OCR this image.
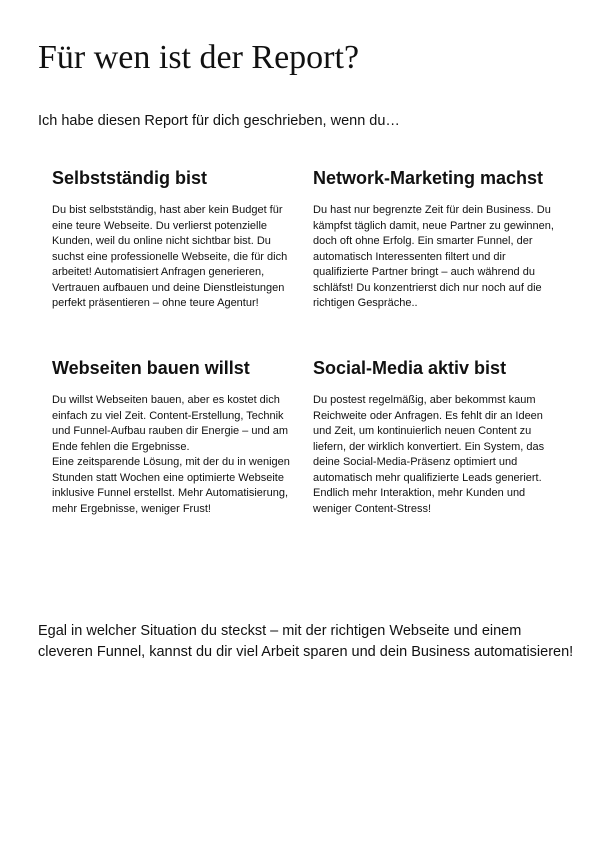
Für wen ist der Report?

Ich habe diesen Report für dich geschrieben, wenn du…

Selbstständig bist

Du bist selbstständig, hast aber kein Budget für eine teure Webseite. Du verlierst potenzielle Kunden, weil du online nicht sichtbar bist. Du suchst eine professionelle Webseite, die für dich arbeitet! Automatisiert Anfragen generieren, Vertrauen aufbauen und deine Dienstleistungen perfekt präsentieren – ohne teure Agentur!

Network-Marketing machst

Du hast nur begrenzte Zeit für dein Business. Du kämpfst täglich damit, neue Partner zu gewinnen, doch oft ohne Erfolg. Ein smarter Funnel, der automatisch Interessenten filtert und dir qualifizierte Partner bringt – auch während du schläfst! Du konzentrierst dich nur noch auf die richtigen Gespräche..

Webseiten bauen willst

Du willst Webseiten bauen, aber es kostet dich einfach zu viel Zeit. Content-Erstellung, Technik und Funnel-Aufbau rauben dir Energie – und am Ende fehlen die Ergebnisse.
Eine zeitsparende Lösung, mit der du in wenigen Stunden statt Wochen eine optimierte Webseite inklusive Funnel erstellst. Mehr Automatisierung, mehr Ergebnisse, weniger Frust!

Social-Media aktiv bist

Du postest regelmäßig, aber bekommst kaum Reichweite oder Anfragen. Es fehlt dir an Ideen und Zeit, um kontinuierlich neuen Content zu liefern, der wirklich konvertiert. Ein System, das deine Social-Media-Präsenz optimiert und automatisch mehr qualifizierte Leads generiert. Endlich mehr Interaktion, mehr Kunden und weniger Content-Stress!

Egal in welcher Situation du steckst – mit der richtigen Webseite und einem cleveren Funnel, kannst du dir viel Arbeit sparen und dein Business automatisieren!
